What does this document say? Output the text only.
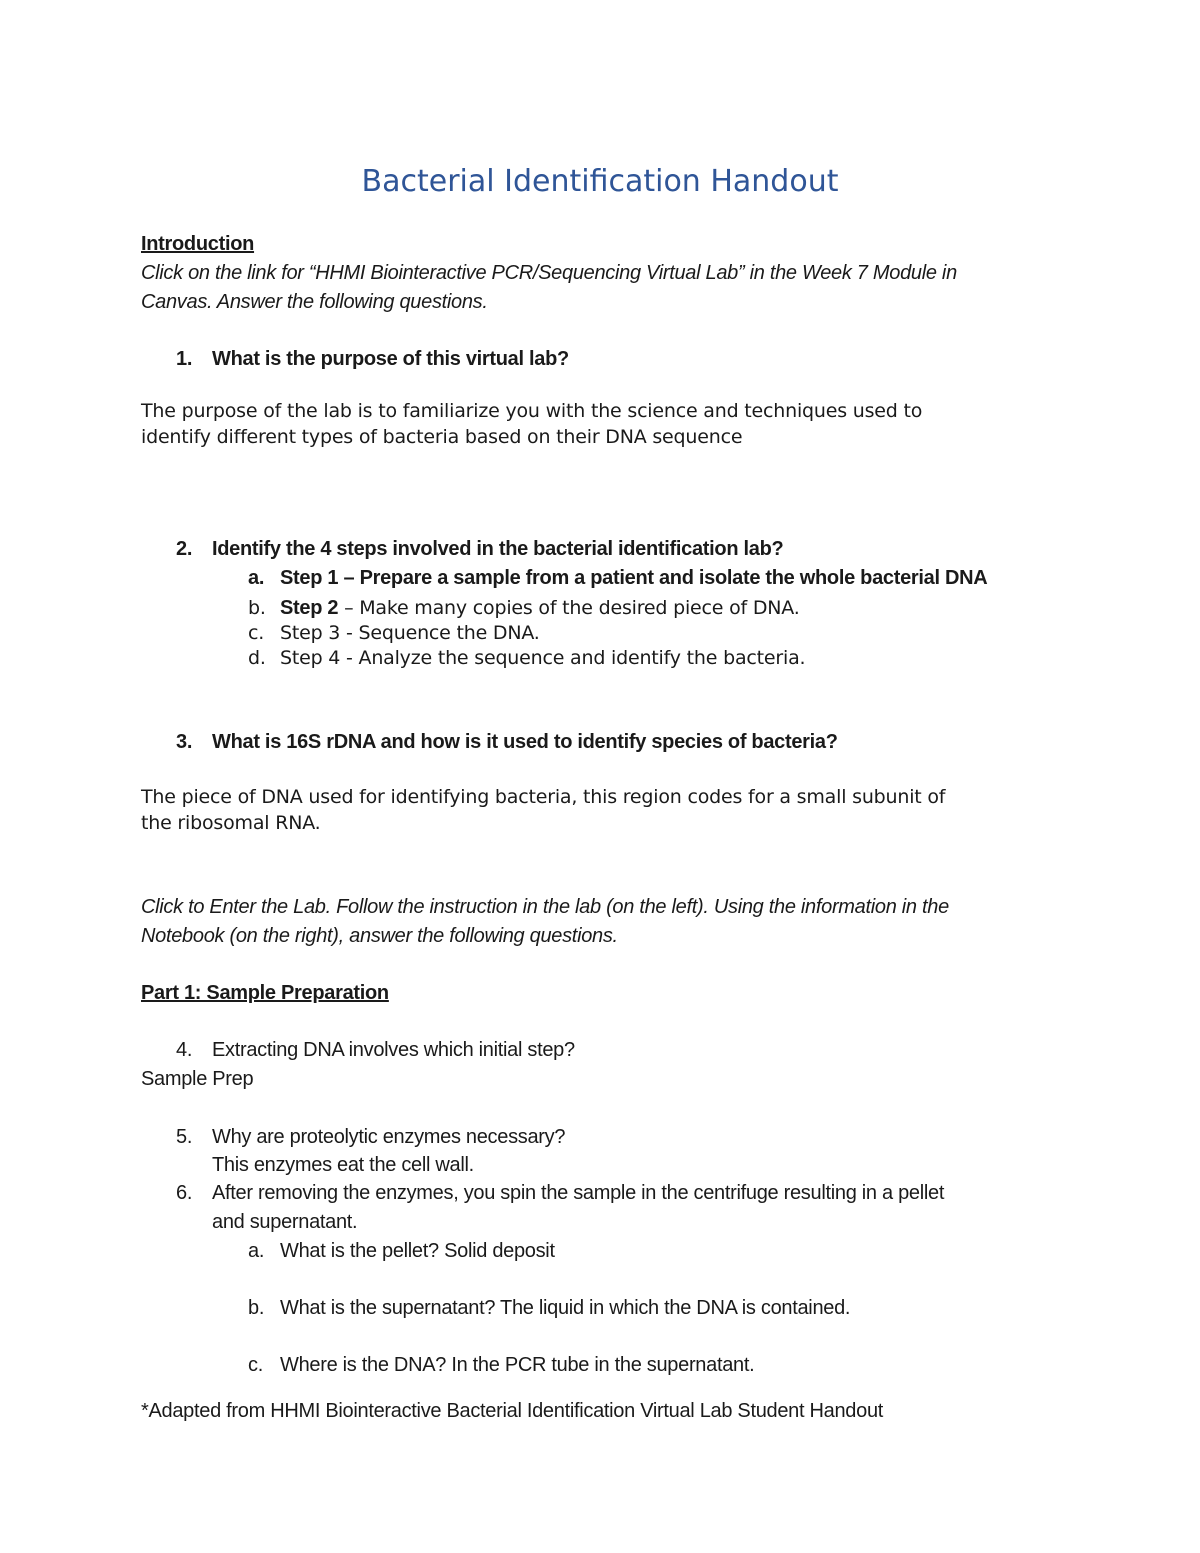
Bacterial Identification Handout
Introduction
Click on the link for “HHMI Biointeractive PCR/Sequencing Virtual Lab” in the Week 7 Module in
Canvas. Answer the following questions.
1. What is the purpose of this virtual lab?
The purpose of the lab is to familiarize you with the science and techniques used to
identify different types of bacteria based on their DNA sequence
2. Identify the 4 steps involved in the bacterial identification lab?
a. Step 1 – Prepare a sample from a patient and isolate the whole bacterial DNA
b. Step 2 – Make many copies of the desired piece of DNA.
c. Step 3 - Sequence the DNA.
d. Step 4 - Analyze the sequence and identify the bacteria.
3. What is 16S rDNA and how is it used to identify species of bacteria?
The piece of DNA used for identifying bacteria, this region codes for a small subunit of
the ribosomal RNA.
Click to Enter the Lab. Follow the instruction in the lab (on the left). Using the information in the
Notebook (on the right), answer the following questions.
Part 1: Sample Preparation
4. Extracting DNA involves which initial step?
Sample Prep
5. Why are proteolytic enzymes necessary?
This enzymes eat the cell wall.
6. After removing the enzymes, you spin the sample in the centrifuge resulting in a pellet
and supernatant.
a. What is the pellet? Solid deposit
b. What is the supernatant? The liquid in which the DNA is contained.
c. Where is the DNA? In the PCR tube in the supernatant.
*Adapted from HHMI Biointeractive Bacterial Identification Virtual Lab Student Handout
